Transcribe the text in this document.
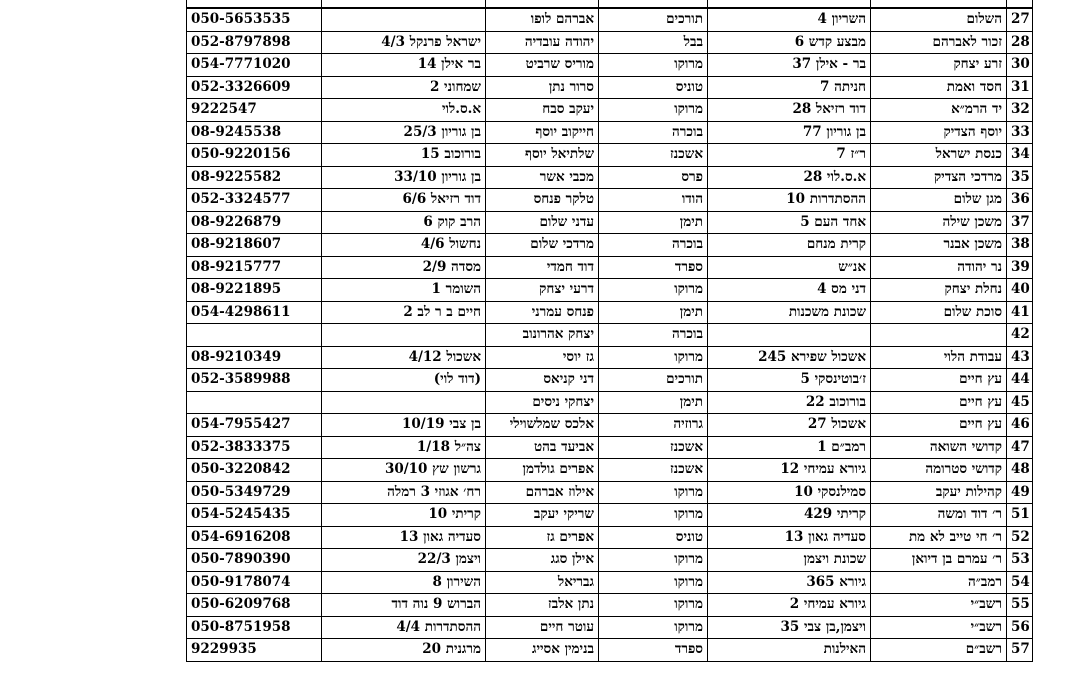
050-5653535		אברהם לופו	תורכים	השריון 4	השלום	27
052-8797898	ישראל פרנקל 4/3	יהודה עובדיה	בבל	מבצע קדש 6	זכור לאברהם	28
054-7771020	בר אילן 14	מוריס שרביט	מרוקו	בר - אילן 37	זרע יצחק	30
052-3326609	שמחוני 2	סרור נתן	טוניס	חניתה 7	חסד ואמת	31
9222547	א.ס.לוי	יעקב סבח	מרוקו	דוד רזיאל 28	יד הרמ״א	32
08-9245538	בן גוריון 25/3	חייקוב יוסף	בוכרה	בן גוריון 77	יוסף הצדיק	33
050-9220156	בורוכוב 15	שלתיאל יוסף	אשכנז	ר״ז 7	כנסת ישראל	34
08-9225582	בן גוריון 33/10	מכבי אשר	פרס	א.ס.לוי 28	מרדכי הצדיק	35
052-3324577	דוד רזיאל 6/6	טלקר פנחס	הודו	ההסתדרות 10	מגן שלום	36
08-9226879	הרב קוק 6	עדני שלום	תימן	אחד העם 5	משכן שילה	37
08-9218607	נחשול 4/6	מרדכי שלום	בוכרה	קרית מנחם	משכן אבנר	38
08-9215777	מסדה 2/9	דוד חמדי	ספרד	אנ״ש	נר יהודה	39
08-9221895	השומר 1	דרעי יצחק	מרוקו	דני מס 4	נחלת יצחק	40
054-4298611	חיים ב ר לב 2	פנחס עמרני	תימן	שכונת משכנות	סוכת שלום	41
		יצחק אהרונוב	בוכרה			42
08-9210349	אשכול 4/12	גז יוסי	מרוקו	אשכול שפירא 245	עבודת הלוי	43
052-3589988	(דוד לוי)	דני קניאס	תורכים	ז׳בוטינסקי 5	עץ חיים	44
		יצחקי ניסים	תימן	בורוכוב 22	עץ חיים	45
054-7955427	בן צבי 10/19	אלכס שמלשוילי	גרוזיה	אשכול 27	עץ חיים	46
052-3833375	צה״ל 1/18	אביעד בהט	אשכנז	רמב״ם 1	קדושי השואה	47
050-3220842	גרשון שץ 30/10	אפרים גולדמן	אשכנז	גיורא עמיחי 12	קדושי סטרומה	48
050-5349729	רח׳ אגוזי 3 רמלה	אילוז אברהם	מרוקו	סמילנסקי 10	קהילות יעקב	49
054-5245435	קריתי 10	שריקי יעקב	מרוקו	קריתי 429	ר׳ דוד ומשה	51
054-6916208	סעדיה גאון 13	אפרים גז	טוניס	סעדיה גאון 13	ר׳ חי טייב לא מת	52
050-7890390	ויצמן 22/3	אילן סגג	מרוקו	שכונת ויצמן	ר׳ עמרם בן דיואן	53
050-9178074	השירון 8	גבריאל	מרוקו	גיורא 365	רמב״ה	54
050-6209768	הברוש 9 נוה דוד	נתן אלבז	מרוקו	גיורא עמיחי 2	רשב״י	55
050-8751958	ההסתדרות 4/4	עוטר חיים	מרוקו	ויצמן,בן צבי 35	רשב״י	56
9229935	מרגנית 20	בנימין אסייג	ספרד	האילנות	רשב״ם	57
